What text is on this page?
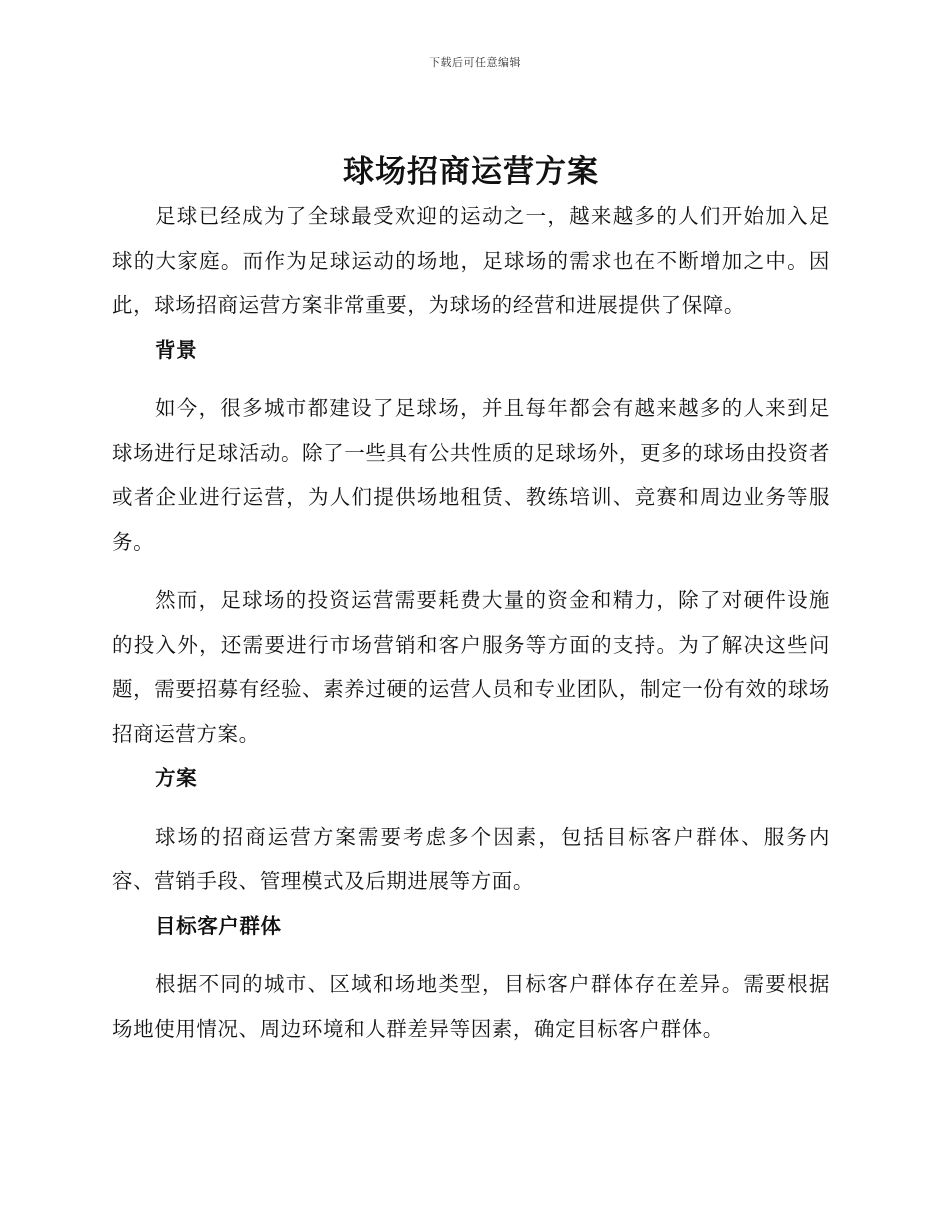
下载后可任意编辑
球场招商运营方案

足球已经成为了全球最受欢迎的运动之一，越来越多的人们开始加入足球的大家庭。而作为足球运动的场地，足球场的需求也在不断增加之中。因此，球场招商运营方案非常重要，为球场的经营和进展提供了保障。

背景

如今，很多城市都建设了足球场，并且每年都会有越来越多的人来到足球场进行足球活动。除了一些具有公共性质的足球场外，更多的球场由投资者或者企业进行运营，为人们提供场地租赁、教练培训、竞赛和周边业务等服务。

然而，足球场的投资运营需要耗费大量的资金和精力，除了对硬件设施的投入外，还需要进行市场营销和客户服务等方面的支持。为了解决这些问题，需要招募有经验、素养过硬的运营人员和专业团队，制定一份有效的球场招商运营方案。

方案

球场的招商运营方案需要考虑多个因素，包括目标客户群体、服务内容、营销手段、管理模式及后期进展等方面。

目标客户群体

根据不同的城市、区域和场地类型，目标客户群体存在差异。需要根据场地使用情况、周边环境和人群差异等因素，确定目标客户群体。
